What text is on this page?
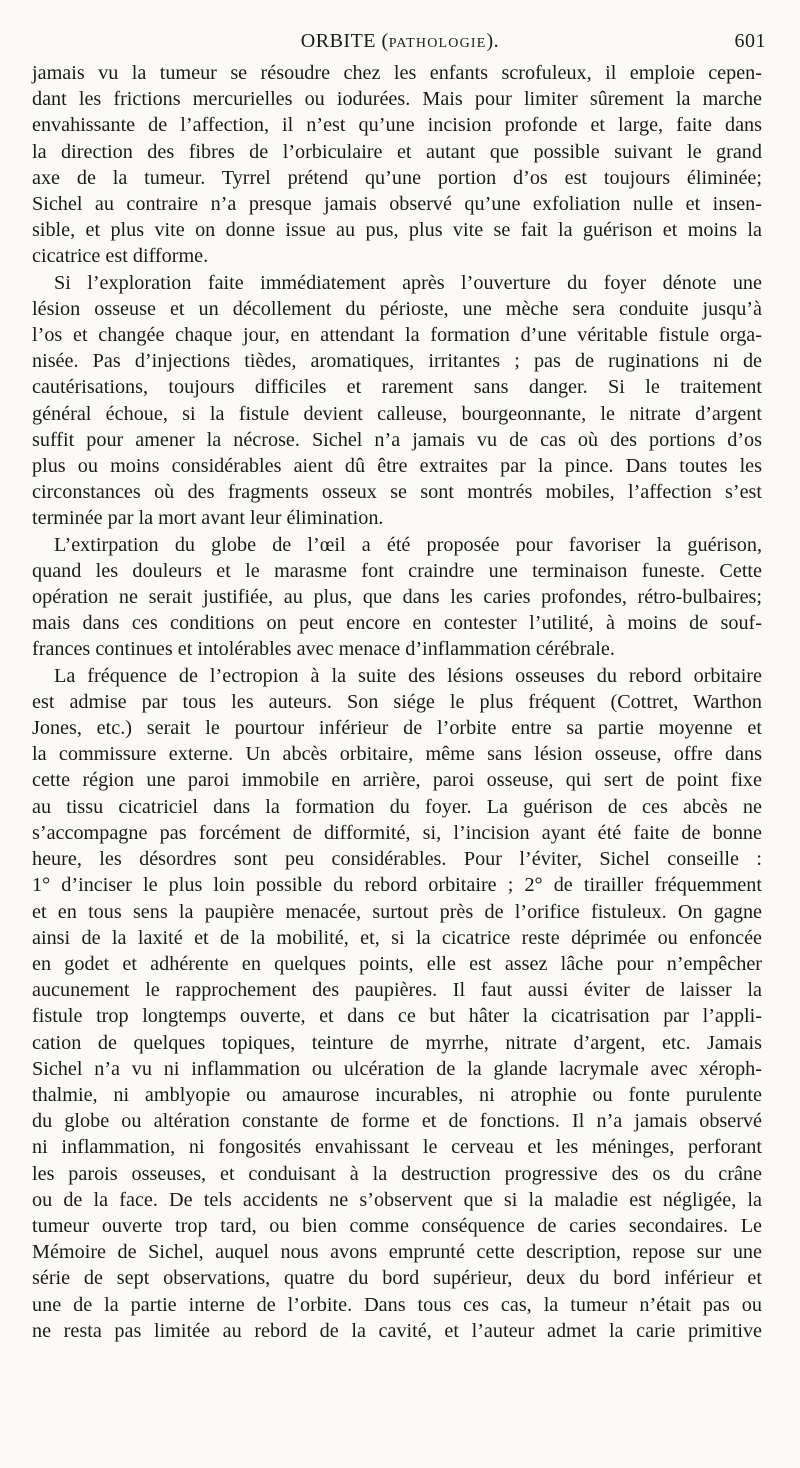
ORBITE (PATHOLOGIE).	601
jamais vu la tumeur se résoudre chez les enfants scrofuleux, il emploie cepen-
dant les frictions mercurielles ou iodurées. Mais pour limiter sûrement la marche
envahissante de l’affection, il n’est qu’une incision profonde et large, faite dans
la direction des fibres de l’orbiculaire et autant que possible suivant le grand
axe de la tumeur. Tyrrel prétend qu’une portion d’os est toujours éliminée;
Sichel au contraire n’a presque jamais observé qu’une exfoliation nulle et insen-
sible, et plus vite on donne issue au pus, plus vite se fait la guérison et moins la
cicatrice est difforme.
Si l’exploration faite immédiatement après l’ouverture du foyer dénote une
lésion osseuse et un décollement du périoste, une mèche sera conduite jusqu’à
l’os et changée chaque jour, en attendant la formation d’une véritable fistule orga-
nisée. Pas d’injections tièdes, aromatiques, irritantes ; pas de ruginations ni de
cautérisations, toujours difficiles et rarement sans danger. Si le traitement
général échoue, si la fistule devient calleuse, bourgeonnante, le nitrate d’argent
suffit pour amener la nécrose. Sichel n’a jamais vu de cas où des portions d’os
plus ou moins considérables aient dû être extraites par la pince. Dans toutes les
circonstances où des fragments osseux se sont montrés mobiles, l’affection s’est
terminée par la mort avant leur élimination.
L’extirpation du globe de l’œil a été proposée pour favoriser la guérison,
quand les douleurs et le marasme font craindre une terminaison funeste. Cette
opération ne serait justifiée, au plus, que dans les caries profondes, rétro-bulbaires;
mais dans ces conditions on peut encore en contester l’utilité, à moins de souf-
frances continues et intolérables avec menace d’inflammation cérébrale.
La fréquence de l’ectropion à la suite des lésions osseuses du rebord orbitaire
est admise par tous les auteurs. Son siége le plus fréquent (Cottret, Warthon
Jones, etc.) serait le pourtour inférieur de l’orbite entre sa partie moyenne et
la commissure externe. Un abcès orbitaire, même sans lésion osseuse, offre dans
cette région une paroi immobile en arrière, paroi osseuse, qui sert de point fixe
au tissu cicatriciel dans la formation du foyer. La guérison de ces abcès ne
s’accompagne pas forcément de difformité, si, l’incision ayant été faite de bonne
heure, les désordres sont peu considérables. Pour l’éviter, Sichel conseille :
1° d’inciser le plus loin possible du rebord orbitaire ; 2° de tirailler fréquemment
et en tous sens la paupière menacée, surtout près de l’orifice fistuleux. On gagne
ainsi de la laxité et de la mobilité, et, si la cicatrice reste déprimée ou enfoncée
en godet et adhérente en quelques points, elle est assez lâche pour n’empêcher
aucunement le rapprochement des paupières. Il faut aussi éviter de laisser la
fistule trop longtemps ouverte, et dans ce but hâter la cicatrisation par l’appli-
cation de quelques topiques, teinture de myrrhe, nitrate d’argent, etc. Jamais
Sichel n’a vu ni inflammation ou ulcération de la glande lacrymale avec xéroph-
thalmie, ni amblyopie ou amaurose incurables, ni atrophie ou fonte purulente
du globe ou altération constante de forme et de fonctions. Il n’a jamais observé
ni inflammation, ni fongosités envahissant le cerveau et les méninges, perforant
les parois osseuses, et conduisant à la destruction progressive des os du crâne
ou de la face. De tels accidents ne s’observent que si la maladie est négligée, la
tumeur ouverte trop tard, ou bien comme conséquence de caries secondaires. Le
Mémoire de Sichel, auquel nous avons emprunté cette description, repose sur une
série de sept observations, quatre du bord supérieur, deux du bord inférieur et
une de la partie interne de l’orbite. Dans tous ces cas, la tumeur n’était pas ou
ne resta pas limitée au rebord de la cavité, et l’auteur admet la carie primitive
